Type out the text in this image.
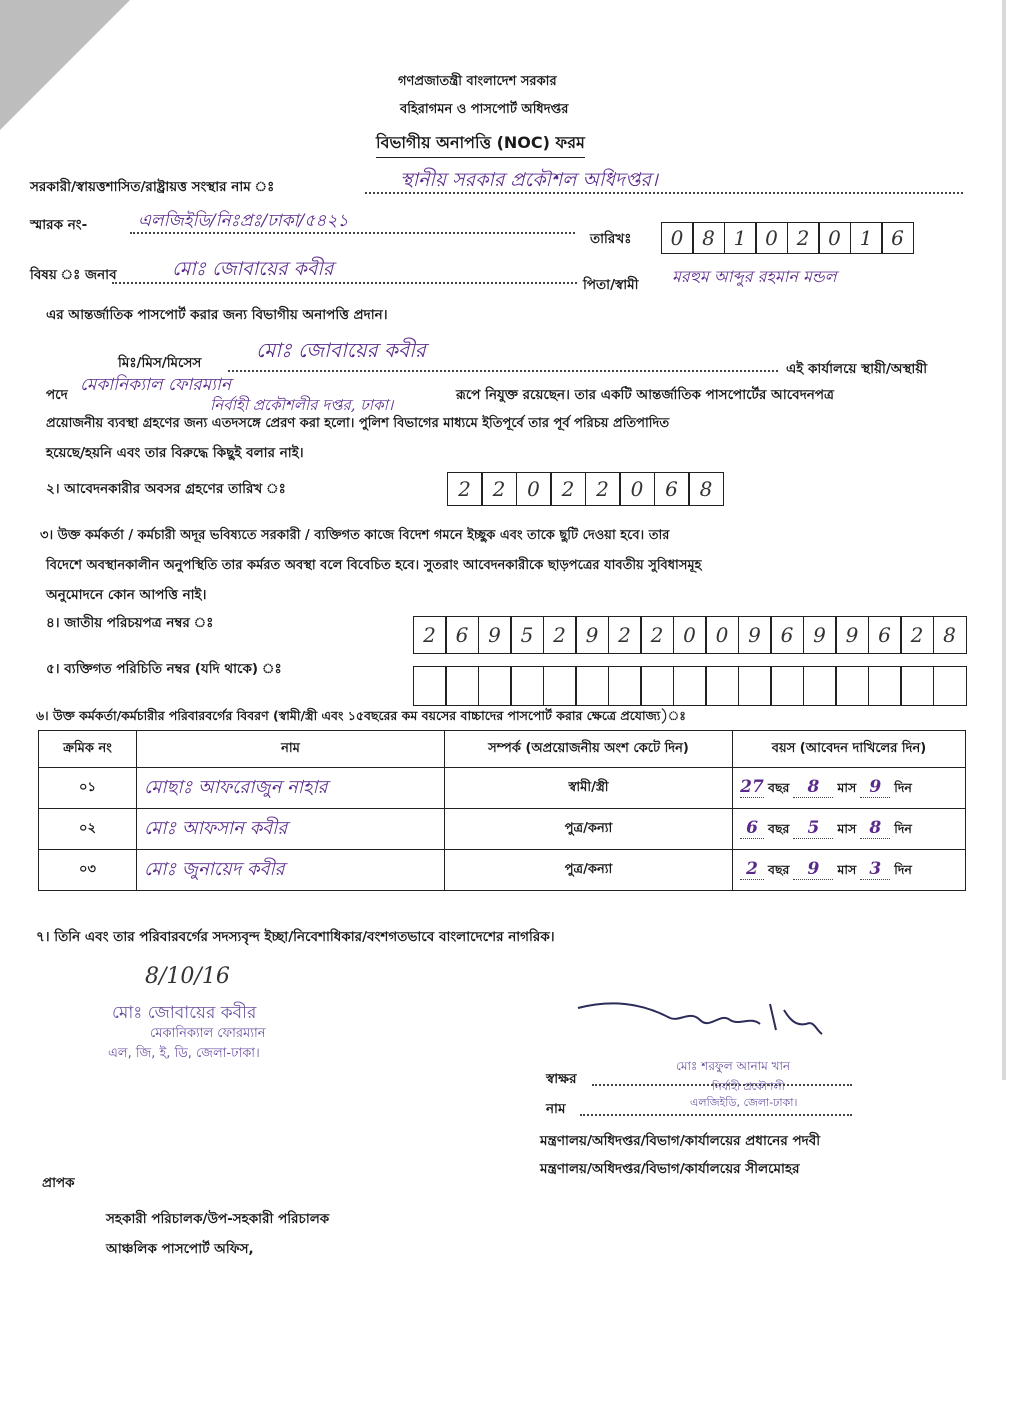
গণপ্রজাতন্ত্রী বাংলাদেশ সরকার
বহিরাগমন ও পাসপোর্ট অধিদপ্তর
বিভাগীয় অনাপত্তি (NOC) ফরম
সরকারী/স্বায়ত্তশাসিত/রাষ্ট্রায়ত্ত সংস্থার নাম ঃ	স্থানীয় সরকার প্রকৌশল অধিদপ্তর।
স্মারক নং-	এলজিইডি/নিঃপ্রঃ/ঢাকা/৫৪২১
তারিখঃ	0 8 1 0 2 0 1 6
বিষয় ঃ জনাব	মোঃ জোবায়ের কবীর
পিতা/স্বামী মরহুম আব্দুর রহমান মন্ডল
এর আন্তর্জাতিক পাসপোর্ট করার জন্য বিভাগীয় অনাপত্তি প্রদান।
মিঃ/মিস/মিসেস
মোঃ জোবায়ের কবীর
এই কার্যালয়ে স্থায়ী/অস্থায়ী
পদে মেকানিক্যাল ফোরম্যান
নির্বাহী প্রকৌশলীর দপ্তর, ঢাকা।
রূপে নিযুক্ত রয়েছেন। তার একটি আন্তর্জাতিক পাসপোর্টের আবেদনপত্র
প্রয়োজনীয় ব্যবস্থা গ্রহণের জন্য এতদসঙ্গে প্রেরণ করা হলো। পুলিশ বিভাগের মাধ্যমে ইতিপূর্বে তার পূর্ব পরিচয় প্রতিপাদিত
হয়েছে/হয়নি এবং তার বিরুদ্ধে কিছুই বলার নাই।
২। আবেদনকারীর অবসর গ্রহণের তারিখ ঃ	2	2	0	2	2	0	6	8
৩। উক্ত কর্মকর্তা / কর্মচারী অদূর ভবিষ্যতে সরকারী / ব্যক্তিগত কাজে বিদেশ গমনে ইচ্ছুক এবং তাকে ছুটি দেওয়া হবে। তার
বিদেশে অবস্থানকালীন অনুপস্থিতি তার কর্মরত অবস্থা বলে বিবেচিত হবে। সুতরাং আবেদনকারীকে ছাড়পত্রের যাবতীয় সুবিধাসমূহ
অনুমোদনে কোন আপত্তি নাই।
৪। জাতীয় পরিচয়পত্র নম্বর ঃ	2 6 9 5 2 9 2 2 0 0 9 6 9 9 6 2 8
৫। ব্যক্তিগত পরিচিতি নম্বর (যদি থাকে) ঃ
৬। উক্ত কর্মকর্তা/কর্মচারীর পরিবারবর্গের বিবরণ (স্বামী/স্ত্রী এবং ১৫বছরের কম বয়সের বাচ্চাদের পাসপোর্ট করার ক্ষেত্রে প্রযোজ্য)ঃ
ক্রমিক নং	নাম	সম্পর্ক (অপ্রয়োজনীয় অংশ কেটে দিন)	বয়স (আবেদন দাখিলের দিন)
০১	মোছাঃ আফরোজুন নাহার	স্বামী/স্ত্রী	27 বছর 8 মাস 9 দিন
০২	মোঃ আফসান কবীর	পুত্র/কন্যা	6 বছর 5 মাস 8 দিন
০৩	মোঃ জুনায়েদ কবীর	পুত্র/কন্যা	2 বছর 9 মাস 3 দিন
৭। তিনি এবং তার পরিবারবর্গের সদস্যবৃন্দ ইচ্ছা/নিবেশাধিকার/বংশগতভাবে বাংলাদেশের নাগরিক।
8/10/16
মোঃ জোবায়ের কবীর
মেকানিক্যাল ফোরম্যান
এল, জি, ই, ডি, জেলা-ঢাকা।
মোঃ শরফুল আনাম খান
নির্বাহী প্রকৌশলী
এলজিইডি, জেলা-ঢাকা।
স্বাক্ষর
নাম
মন্ত্রণালয়/অধিদপ্তর/বিভাগ/কার্যালয়ের প্রধানের পদবী
মন্ত্রণালয়/অধিদপ্তর/বিভাগ/কার্যালয়ের সীলমোহর
প্রাপক
সহকারী পরিচালক/উপ-সহকারী পরিচালক
আঞ্চলিক পাসপোর্ট অফিস,
